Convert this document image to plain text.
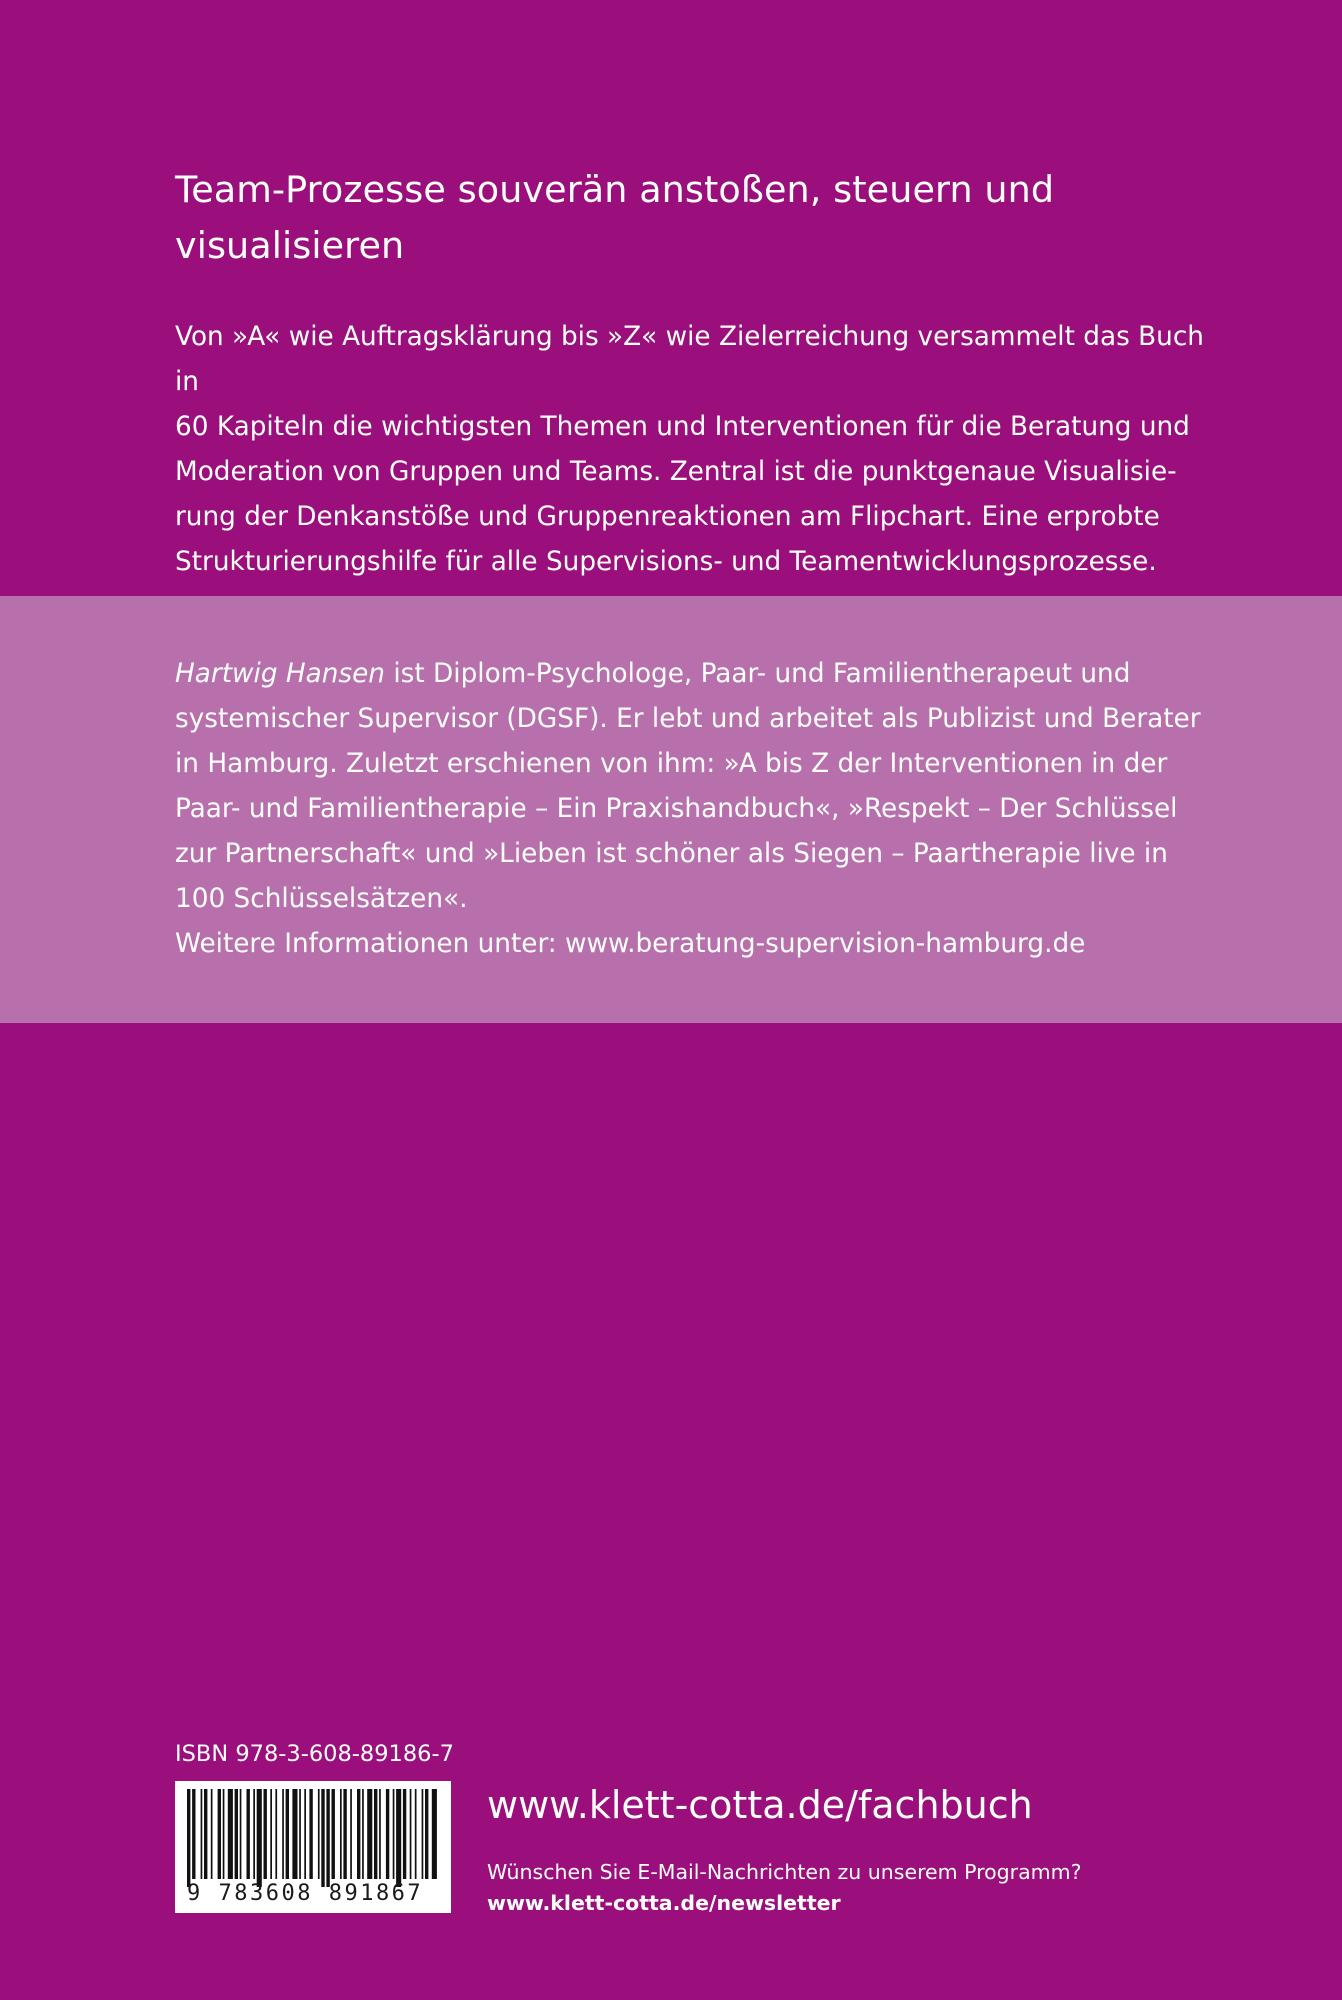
Team-Prozesse souverän anstoßen, steuern und visualisieren
Von »A« wie Auftragsklärung bis »Z« wie Zielerreichung versammelt das Buch in
60 Kapiteln die wichtigsten Themen und Interventionen für die Beratung und
Moderation von Gruppen und Teams. Zentral ist die punktgenaue Visualisie-
rung der Denkanstöße und Gruppenreaktionen am Flipchart. Eine erprobte
Strukturierungshilfe für alle Supervisions- und Teamentwicklungsprozesse.
Hartwig Hansen ist Diplom-Psychologe, Paar- und Familientherapeut und
systemischer Supervisor (DGSF). Er lebt und arbeitet als Publizist und Berater
in Hamburg. Zuletzt erschienen von ihm: »A bis Z der Interventionen in der
Paar- und Familientherapie – Ein Praxishandbuch«, »Respekt – Der Schlüssel
zur Partnerschaft« und »Lieben ist schöner als Siegen – Paartherapie live in
100 Schlüsselsätzen«.
Weitere Informationen unter: www.beratung-supervision-hamburg.de
ISBN 978-3-608-89186-7
9 783608 891867
www.klett-cotta.de/fachbuch
Wünschen Sie E-Mail-Nachrichten zu unserem Programm?
www.klett-cotta.de/newsletter
